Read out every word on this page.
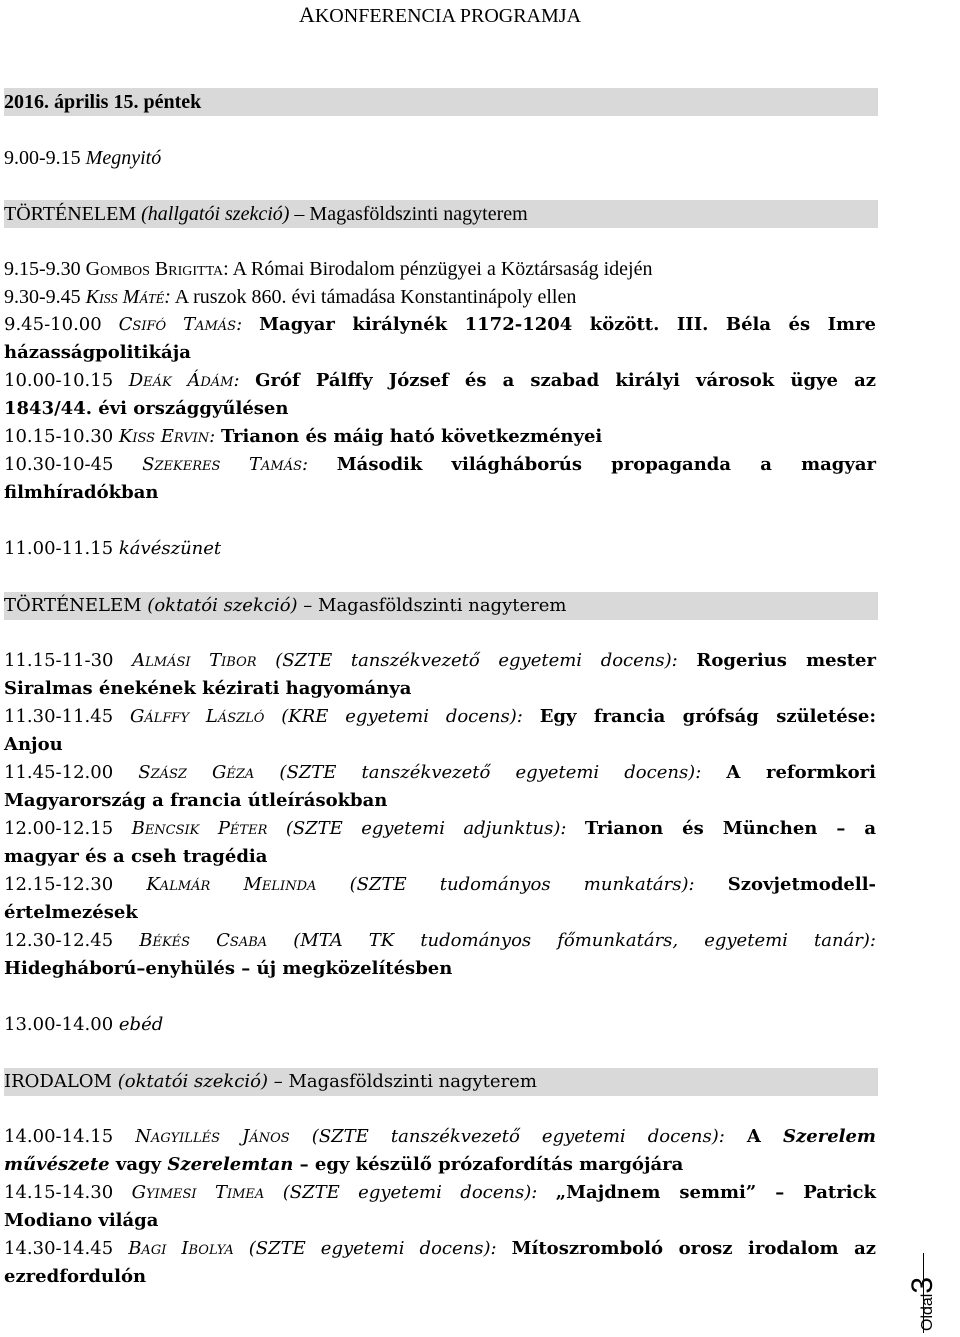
AKONFERENCIA PROGRAMJA
2016. április 15. péntek
9.00-9.15 Megnyitó
TÖRTÉNELEM (hallgatói szekció) – Magasföldszinti nagyterem
9.15-9.30 Gombos Brigitta: A Római Birodalom pénzügyei a Köztársaság idején
9.30-9.45 Kiss Máté: A ruszok 860. évi támadása Konstantinápoly ellen
9.45-10.00 Csifó Tamás: Magyar királynék 1172-1204 között. III. Béla és Imre
házasságpolitikája
10.00-10.15 Deák Ádám: Gróf Pálffy József és a szabad királyi városok ügye az
1843/44. évi országgyűlésen
10.15-10.30 Kiss Ervin: Trianon és máig ható következményei
10.30-10-45 Szekeres Tamás: Második világháborús propaganda a magyar
filmhíradókban
11.00-11.15 kávészünet
TÖRTÉNELEM (oktatói szekció) – Magasföldszinti nagyterem
11.15-11-30 Almási Tibor (SZTE tanszékvezető egyetemi docens): Rogerius mester
Siralmas énekének kézirati hagyománya
11.30-11.45 Gálffy László (KRE egyetemi docens): Egy francia grófság születése:
Anjou
11.45-12.00 Szász Géza (SZTE tanszékvezető egyetemi docens): A reformkori
Magyarország a francia útleírásokban
12.00-12.15 Bencsik Péter (SZTE egyetemi adjunktus): Trianon és München – a
magyar és a cseh tragédia
12.15-12.30 Kalmár Melinda (SZTE tudományos munkatárs): Szovjetmodell-
értelmezések
12.30-12.45 Békés Csaba (MTA TK tudományos főmunkatárs, egyetemi tanár):
Hidegháború–enyhülés – új megközelítésben
13.00-14.00 ebéd
IRODALOM (oktatói szekció) – Magasföldszinti nagyterem
14.00-14.15 Nagyillés János (SZTE tanszékvezető egyetemi docens): A Szerelem
művészete vagy Szerelemtan – egy készülő prózafordítás margójára
14.15-14.30 Gyimesi Timea (SZTE egyetemi docens): „Majdnem semmi” – Patrick
Modiano világa
14.30-14.45 Bagi Ibolya (SZTE egyetemi docens): Mítoszromboló orosz irodalom az
ezredfordulón
Oldal3
